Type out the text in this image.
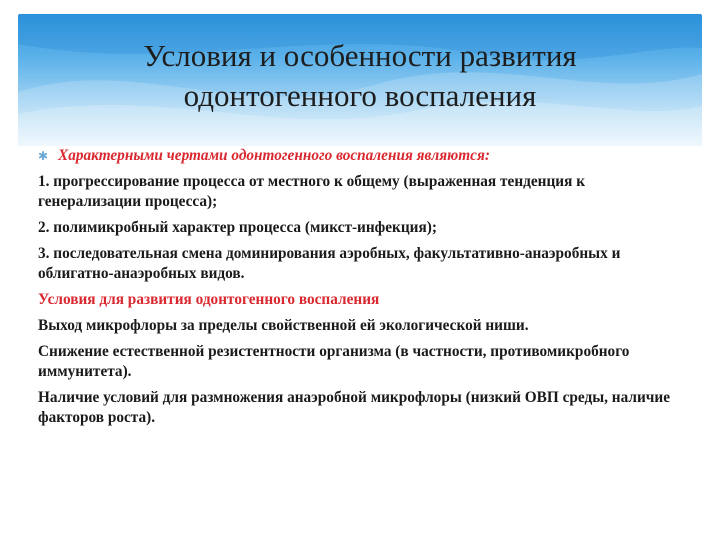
Условия и особенности развития
одонтогенного воспаления
✱ Характерными чертами одонтогенного воспаления являются:
1. прогрессирование процесса от местного к общему (выраженная тенденция к генерализации процесса);
2. полимикробный характер процесса (микст-инфекция);
3. последовательная смена доминирования аэробных, факультативно-анаэробных и облигатно-анаэробных видов.
Условия для развития одонтогенного воспаления
Выход микрофлоры за пределы свойственной ей экологической ниши.
Снижение естественной резистентности организма (в частности, противомикробного иммунитета).
Наличие условий для размножения анаэробной микрофлоры (низкий ОВП среды, наличие факторов роста).
